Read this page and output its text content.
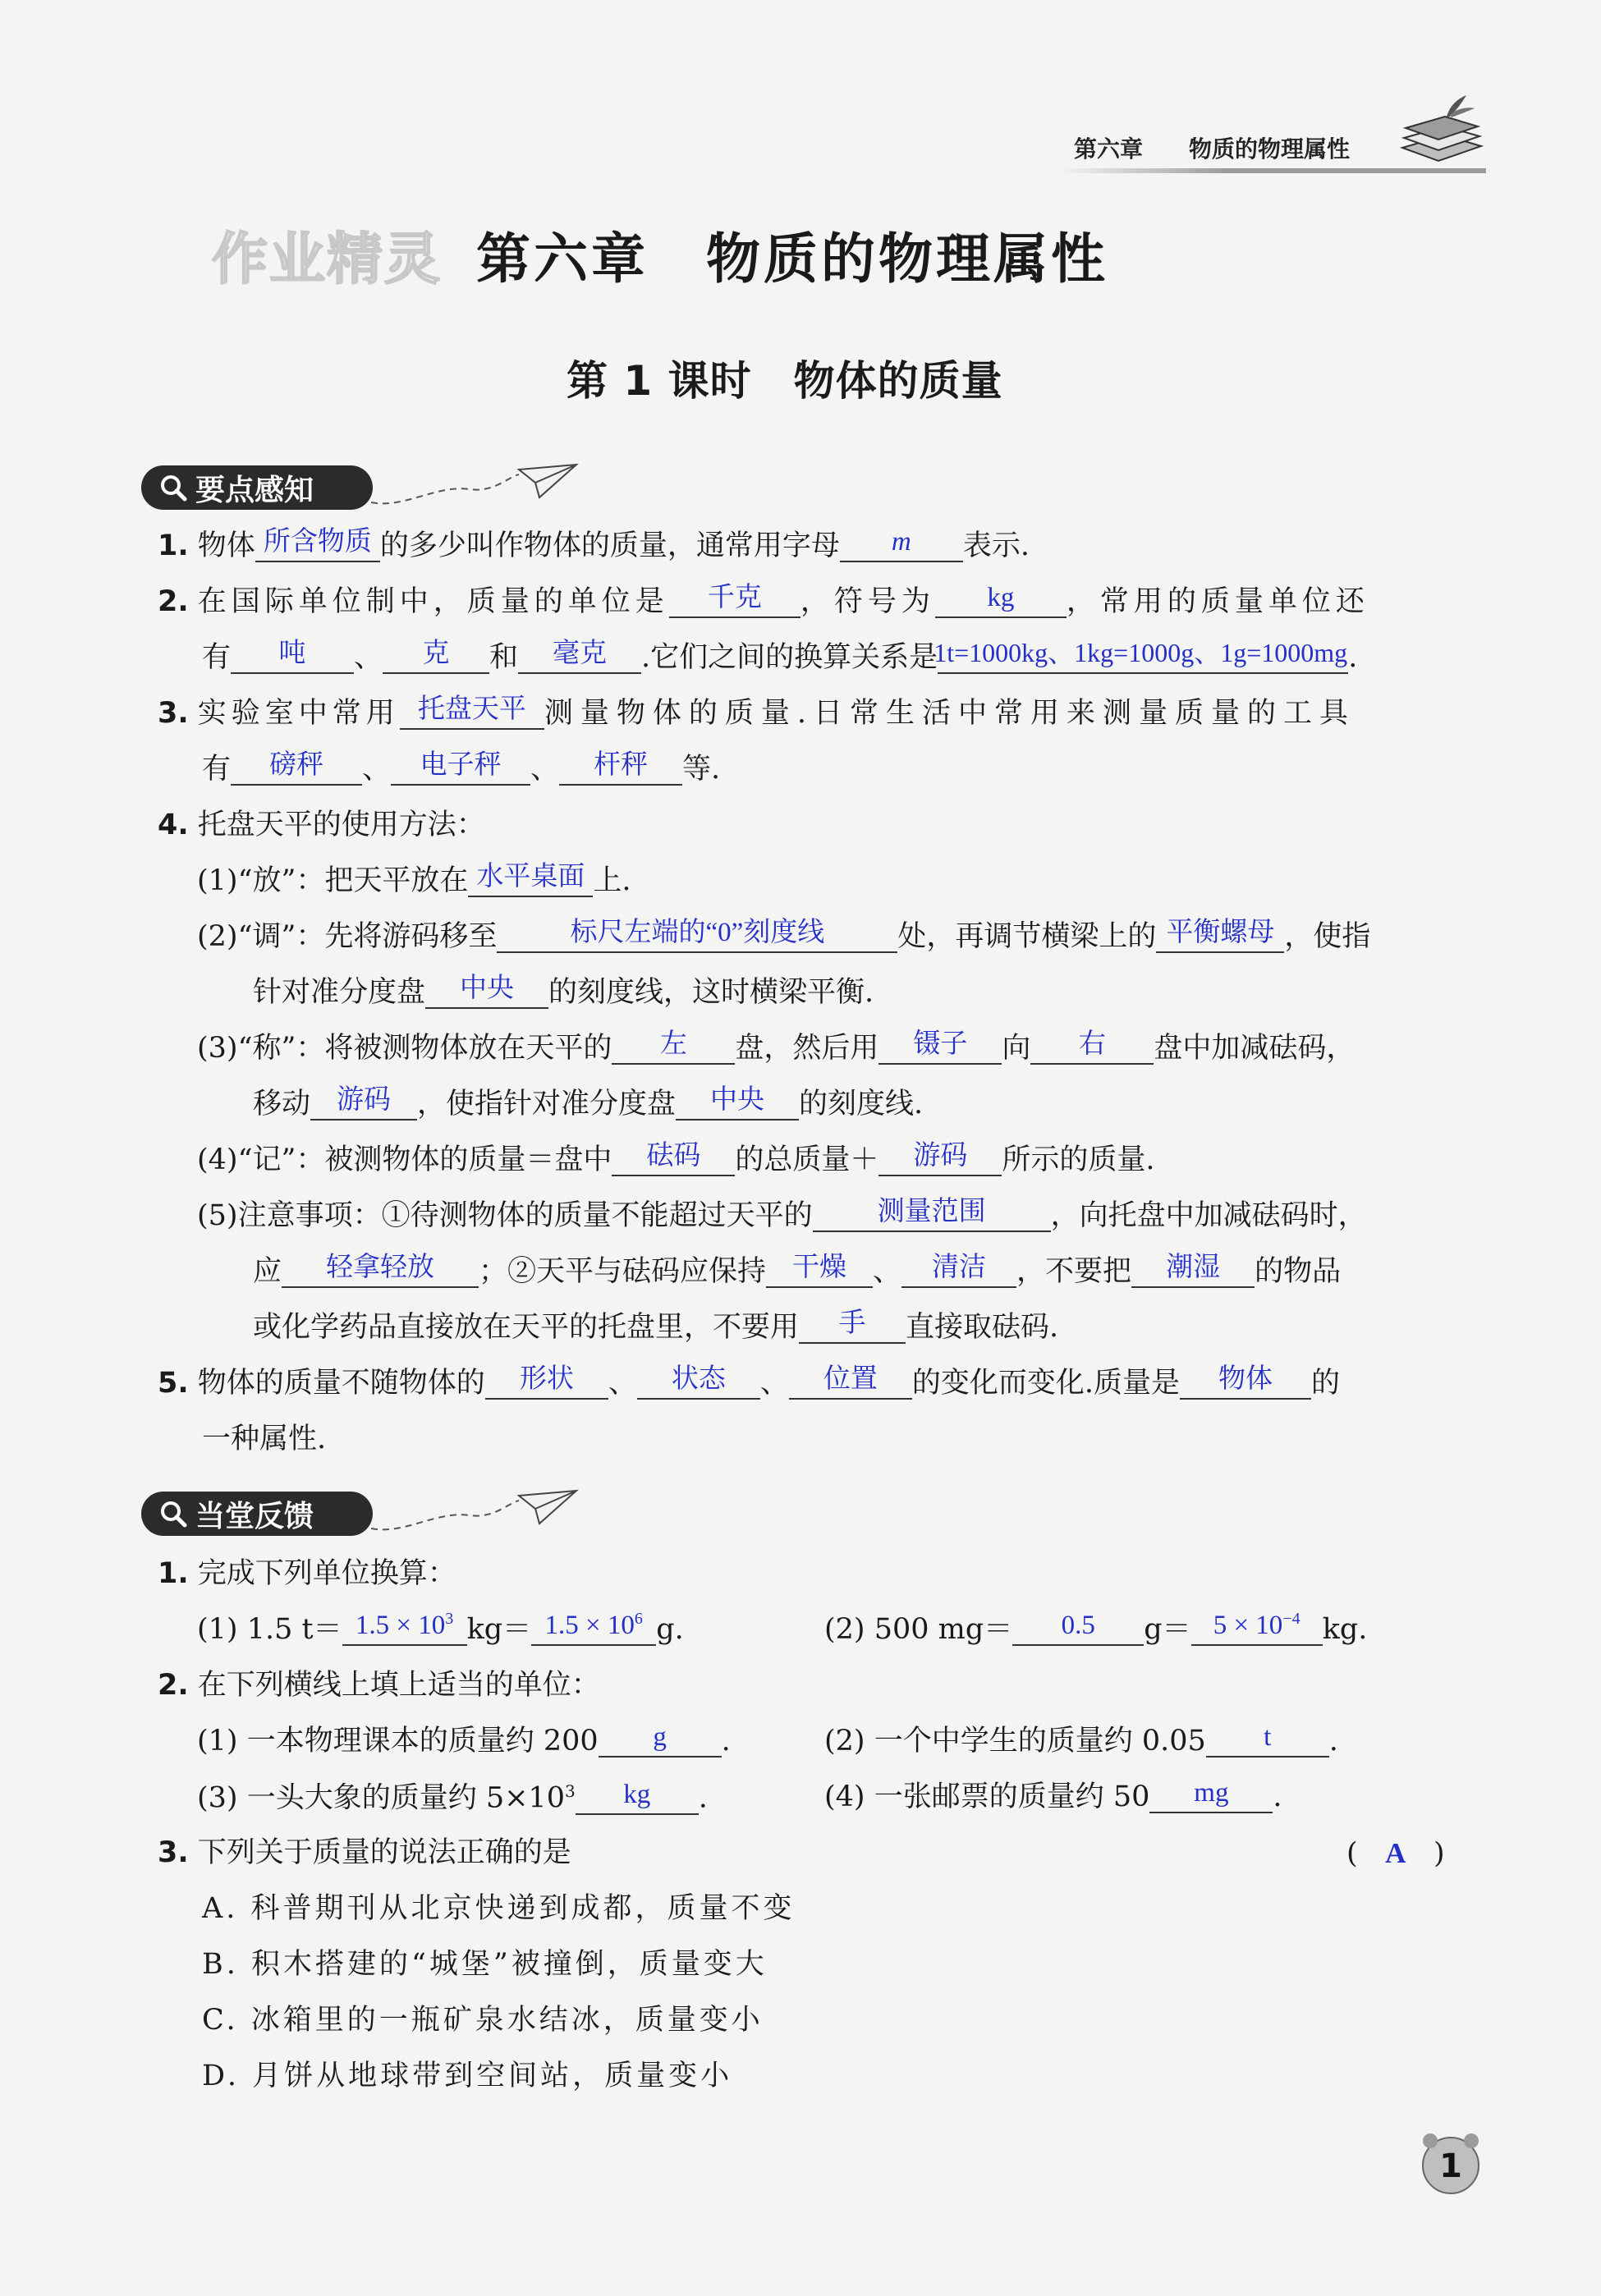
第六章 物质的物理属性
作业精灵 第六章　物质的物理属性
第 1 课时　物体的质量
要点感知
1. 物体 所含物质 的多少叫作物体的质量，通常用字母 m 表示.
2. 在国际单位制中，质量的单位是 千克 ，符号为 kg ，常用的质量单位还
有 吨 、 克 和 毫克 .它们之间的换算关系是1t=1000kg、1kg=1000g、1g=1000mg.
3. 实验室中常用 托盘天平 测量物体的质量.日常生活中常用来测量质量的工具
有 磅秤 、 电子秤 、 杆秤 等.
4. 托盘天平的使用方法：
(1)“放”：把天平放在 水平桌面 上.
(2)“调”：先将游码移至	标尺左端的“0”刻度线	处，再调节横梁上的 平衡螺母 ，使指
针对准分度盘 中央 的刻度线，这时横梁平衡.
(3)“称”：将被测物体放在天平的 左 盘，然后用 镊子 向 右 盘中加减砝码，
移动 游码 ，使指针对准分度盘 中央 的刻度线.
(4)“记”：被测物体的质量＝盘中 砝码 的总质量＋ 游码 所示的质量.
(5)注意事项：①待测物体的质量不能超过天平的 测量范围 ，向托盘中加减砝码时，
应 轻拿轻放 ；②天平与砝码应保持 干燥 、 清洁 ，不要把 潮湿 的物品
或化学药品直接放在天平的托盘里，不要用 手 直接取砝码.
5. 物体的质量不随物体的 形状 、 状态 、 位置 的变化而变化.质量是 物体 的
一种属性.
当堂反馈
1. 完成下列单位换算：
(1) 1.5 $t= 1.5 \times 10^3$ $kg= 1.5 \times 10^6$ g.	(2) 500 mg＝ 0.5 $g= 5 \times 10^{-4}$ kg.
2. 在下列横线上填上适当的单位：
(1) 一本物理课本的质量约 200 g .	(2) 一个中学生的质量约 0.05 t .
(3) 一头大象的质量约 $5\times 10^3$ kg .	(4) 一张邮票的质量约 50 mg .
3. 下列关于质量的说法正确的是	( A )
A. 科普期刊从北京快递到成都，质量不变
B. 积木搭建的“城堡”被撞倒，质量变大
C. 冰箱里的一瓶矿泉水结冰，质量变小
D. 月饼从地球带到空间站，质量变小
1
